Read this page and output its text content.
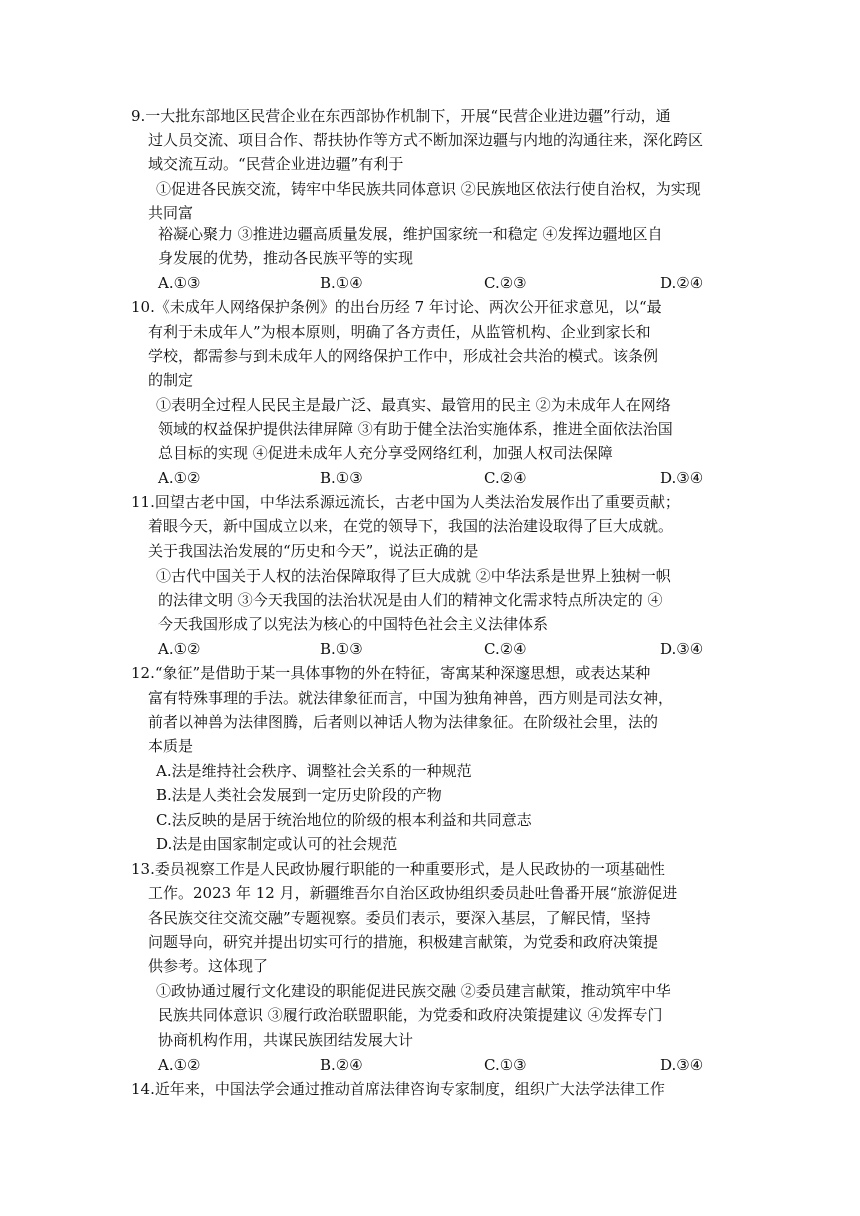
9.一大批东部地区民营企业在东西部协作机制下，开展“民营企业进边疆”行动，通
过人员交流、项目合作、帮扶协作等方式不断加深边疆与内地的沟通往来，深化跨区
域交流互动。“民营企业进边疆”有利于
①促进各民族交流，铸牢中华民族共同体意识 ②民族地区依法行使自治权，为实现
共同富
裕凝心聚力 ③推进边疆高质量发展，维护国家统一和稳定 ④发挥边疆地区自
身发展的优势，推动各民族平等的实现
A.①③	B.①④	C.②③	D.②④
10.《未成年人网络保护条例》的出台历经 7 年讨论、两次公开征求意见，以“最
有利于未成年人”为根本原则，明确了各方责任，从监管机构、企业到家长和
学校，都需参与到未成年人的网络保护工作中，形成社会共治的模式。该条例
的制定
①表明全过程人民民主是最广泛、最真实、最管用的民主 ②为未成年人在网络
领域的权益保护提供法律屏障 ③有助于健全法治实施体系，推进全面依法治国
总目标的实现 ④促进未成年人充分享受网络红利，加强人权司法保障
A.①②	B.①③	C.②④	D.③④
11.回望古老中国，中华法系源远流长，古老中国为人类法治发展作出了重要贡献；
着眼今天，新中国成立以来，在党的领导下，我国的法治建设取得了巨大成就。
关于我国法治发展的“历史和今天”，说法正确的是
①古代中国关于人权的法治保障取得了巨大成就 ②中华法系是世界上独树一帜
的法律文明 ③今天我国的法治状况是由人们的精神文化需求特点所决定的 ④
今天我国形成了以宪法为核心的中国特色社会主义法律体系
A.①②	B.①③	C.②④	D.③④
12.“象征”是借助于某一具体事物的外在特征，寄寓某种深邃思想，或表达某种
富有特殊事理的手法。就法律象征而言，中国为独角神兽，西方则是司法女神，
前者以神兽为法律图腾，后者则以神话人物为法律象征。在阶级社会里，法的
本质是
A.法是维持社会秩序、调整社会关系的一种规范
B.法是人类社会发展到一定历史阶段的产物
C.法反映的是居于统治地位的阶级的根本利益和共同意志
D.法是由国家制定或认可的社会规范
13.委员视察工作是人民政协履行职能的一种重要形式，是人民政协的一项基础性
工作。2023 年 12 月，新疆维吾尔自治区政协组织委员赴吐鲁番开展“旅游促进
各民族交往交流交融”专题视察。委员们表示，要深入基层，了解民情，坚持
问题导向，研究并提出切实可行的措施，积极建言献策，为党委和政府决策提
供参考。这体现了
①政协通过履行文化建设的职能促进民族交融 ②委员建言献策，推动筑牢中华
民族共同体意识 ③履行政治联盟职能，为党委和政府决策提建议 ④发挥专门
协商机构作用，共谋民族团结发展大计
A.①②	B.②④	C.①③	D.③④
14.近年来，中国法学会通过推动首席法律咨询专家制度，组织广大法学法律工作
